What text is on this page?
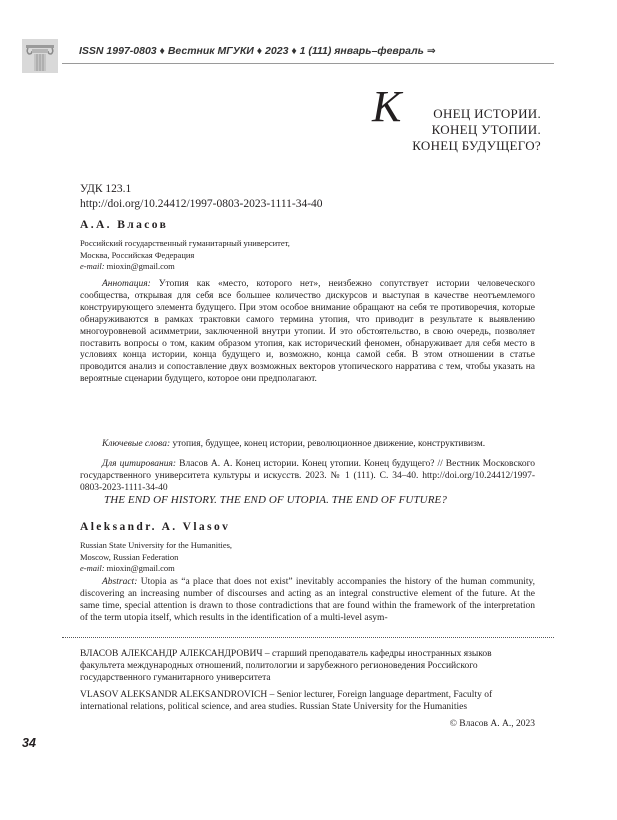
ISSN 1997-0803 ♦ Вестник МГУКИ ♦ 2023 ♦ 1 (111) январь–февраль ⇒
К ОНЕЦ ИСТОРИИ.
КОНЕЦ УТОПИИ.
КОНЕЦ БУДУЩЕГО?
УДК 123.1
http://doi.org/10.24412/1997-0803-2023-1111-34-40
А.А. Власов
Российский государственный гуманитарный университет,
Москва, Российская Федерация
e-mail: mioxin@gmail.com
Аннотация: Утопия как «место, которого нет», неизбежно сопутствует истории человеческого сообщества, открывая для себя все большее количество дискурсов и выступая в качестве неотъемлемого конструирующего элемента будущего. При этом особое внимание обращают на себя те противоречия, которые обнаруживаются в рамках трактовки самого термина утопия, что приводит в результате к выявлению многоуровневой асимметрии, заключенной внутри утопии. И это обстоятельство, в свою очередь, позволяет поставить вопросы о том, каким образом утопия, как исторический феномен, обнаруживает для себя место в условиях конца истории, конца будущего и, возможно, конца самой себя. В этом отношении в статье проводится анализ и сопоставление двух возможных векторов утопического нарратива с тем, чтобы указать на вероятные сценарии будущего, которое они предполагают.
Ключевые слова: утопия, будущее, конец истории, революционное движение, конструктивизм.
Для цитирования: Власов А. А. Конец истории. Конец утопии. Конец будущего? // Вестник Московского государственного университета культуры и искусств. 2023. № 1 (111). С. 34–40. http://doi.org/10.24412/1997-0803-2023-1111-34-40
THE END OF HISTORY. THE END OF UTOPIA. THE END OF FUTURE?
Aleksandr. A. Vlasov
Russian State University for the Humanities,
Moscow, Russian Federation
e-mail: mioxin@gmail.com
Abstract: Utopia as “a place that does not exist” inevitably accompanies the history of the human community, discovering an increasing number of discourses and acting as an integral constructive element of the future. At the same time, special attention is drawn to those contradictions that are found within the framework of the interpretation of the term utopia itself, which results in the identification of a multi-level asym-
ВЛАСОВ АЛЕКСАНДР АЛЕКСАНДРОВИЧ – старший преподаватель кафедры иностранных языков факультета международных отношений, политологии и зарубежного регионоведения Российского государственного гуманитарного университета
VLASOV ALEKSANDR ALEKSANDROVICH – Senior lecturer, Foreign language department, Faculty of international relations, political science, and area studies. Russian State University for the Humanities
© Власов А. А., 2023
34
